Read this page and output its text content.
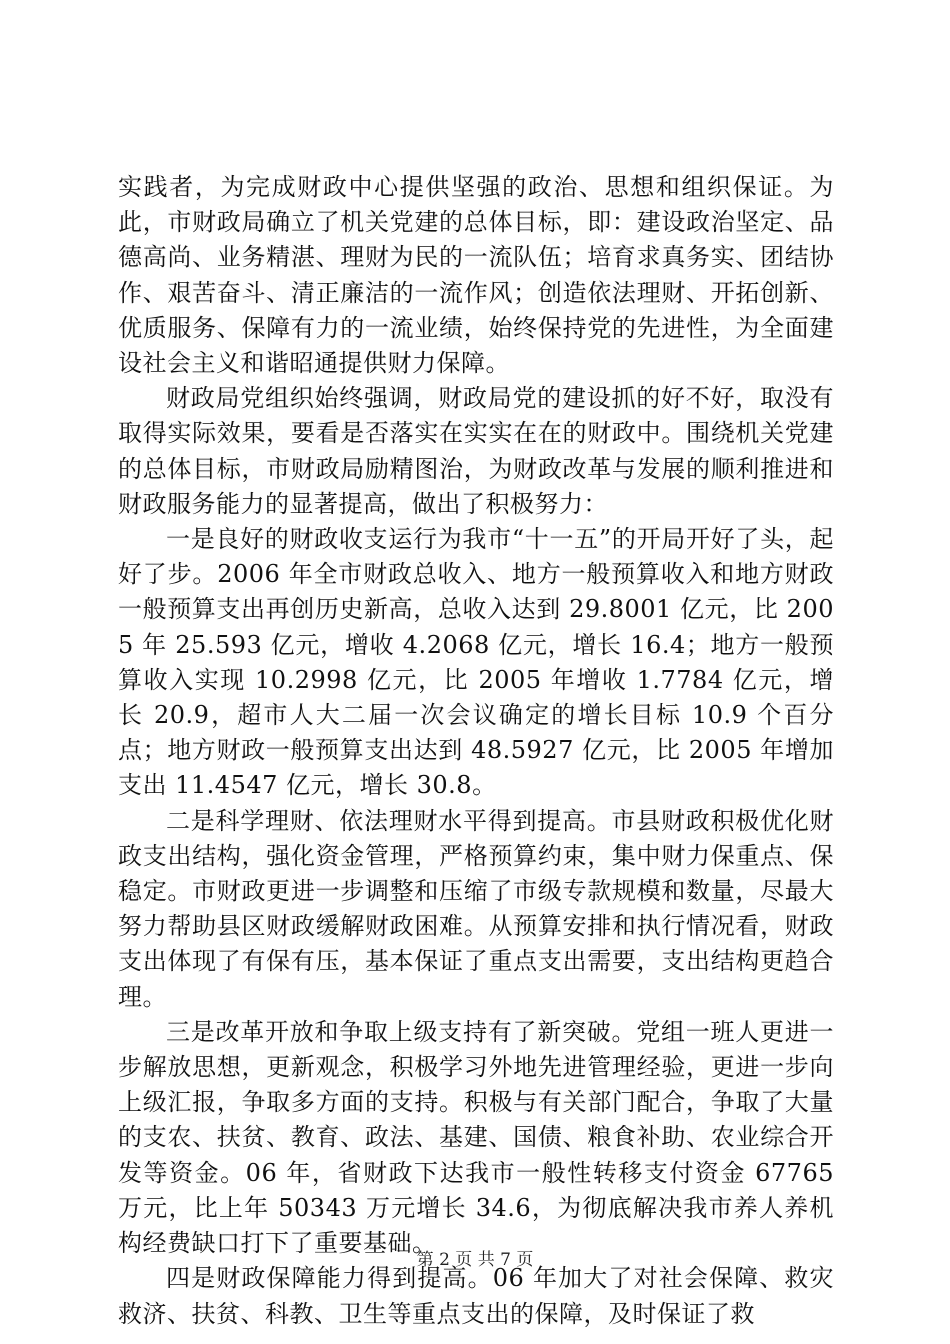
实践者，为完成财政中心提供坚强的政治、思想和组织保证。为此，市财政局确立了机关党建的总体目标，即：建设政治坚定、品德高尚、业务精湛、理财为民的一流队伍；培育求真务实、团结协作、艰苦奋斗、清正廉洁的一流作风；创造依法理财、开拓创新、优质服务、保障有力的一流业绩，始终保持党的先进性，为全面建设社会主义和谐昭通提供财力保障。

财政局党组织始终强调，财政局党的建设抓的好不好，取没有取得实际效果，要看是否落实在实实在在的财政中。围绕机关党建的总体目标，市财政局励精图治，为财政改革与发展的顺利推进和财政服务能力的显著提高，做出了积极努力：

一是良好的财政收支运行为我市“十一五”的开局开好了头，起好了步。2006 年全市财政总收入、地方一般预算收入和地方财政一般预算支出再创历史新高，总收入达到 29.8001 亿元，比 2005 年 25.593 亿元，增收 4.2068 亿元，增长 16.4；地方一般预算收入实现 10.2998 亿元，比 2005 年增收 1.7784 亿元，增长 20.9，超市人大二届一次会议确定的增长目标 10.9 个百分点；地方财政一般预算支出达到 48.5927 亿元，比 2005 年增加支出 11.4547 亿元，增长 30.8。

二是科学理财、依法理财水平得到提高。市县财政积极优化财政支出结构，强化资金管理，严格预算约束，集中财力保重点、保稳定。市财政更进一步调整和压缩了市级专款规模和数量，尽最大努力帮助县区财政缓解财政困难。从预算安排和执行情况看，财政支出体现了有保有压，基本保证了重点支出需要，支出结构更趋合理。

三是改革开放和争取上级支持有了新突破。党组一班人更进一步解放思想，更新观念，积极学习外地先进管理经验，更进一步向上级汇报，争取多方面的支持。积极与有关部门配合，争取了大量的支农、扶贫、教育、政法、基建、国债、粮食补助、农业综合开发等资金。06 年，省财政下达我市一般性转移支付资金 67765 万元，比上年 50343 万元增长 34.6，为彻底解决我市养人养机构经费缺口打下了重要基础。

四是财政保障能力得到提高。06 年加大了对社会保障、救灾救济、扶贫、科教、卫生等重点支出的保障，及时保证了救

第 2 页 共 7 页
